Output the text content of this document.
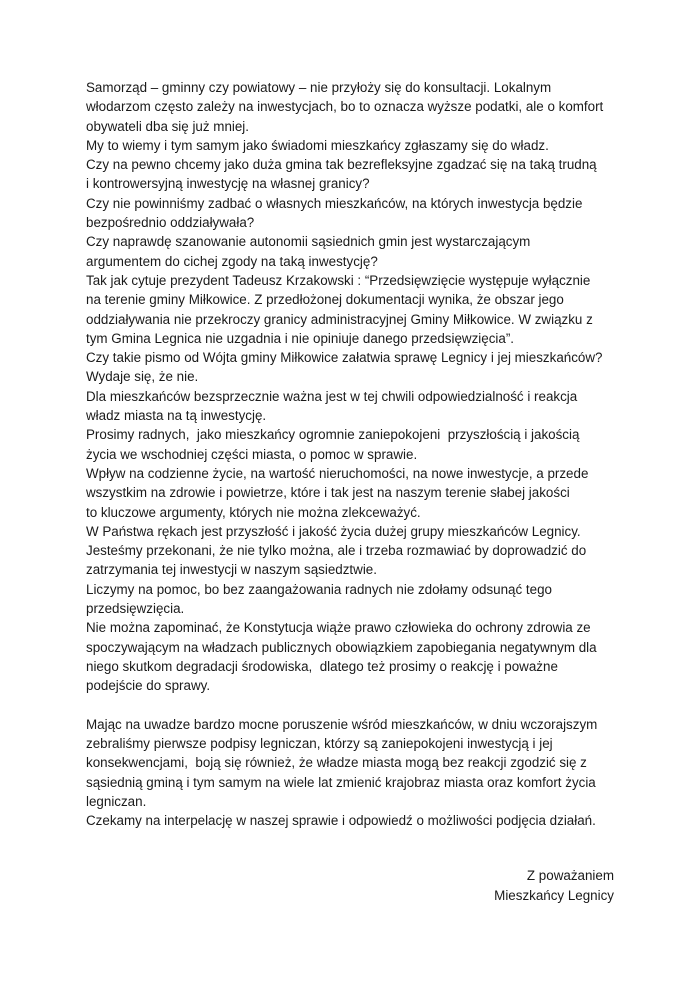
Samorząd – gminny czy powiatowy – nie przyłoży się do konsultacji. Lokalnym
włodarzom często zależy na inwestycjach, bo to oznacza wyższe podatki, ale o komfort
obywateli dba się już mniej.
My to wiemy i tym samym jako świadomi mieszkańcy zgłaszamy się do władz.
Czy na pewno chcemy jako duża gmina tak bezrefleksyjne zgadzać się na taką trudną
i kontrowersyjną inwestycję na własnej granicy?
Czy nie powinniśmy zadbać o własnych mieszkańców, na których inwestycja będzie
bezpośrednio oddziaływała?
Czy naprawdę szanowanie autonomii sąsiednich gmin jest wystarczającym
argumentem do cichej zgody na taką inwestycję?
Tak jak cytuje prezydent Tadeusz Krzakowski : “Przedsięwzięcie występuje wyłącznie
na terenie gminy Miłkowice. Z przedłożonej dokumentacji wynika, że obszar jego
oddziaływania nie przekroczy granicy administracyjnej Gminy Miłkowice. W związku z
tym Gmina Legnica nie uzgadnia i nie opiniuje danego przedsięwzięcia”.
Czy takie pismo od Wójta gminy Miłkowice załatwia sprawę Legnicy i jej mieszkańców?
Wydaje się, że nie.
Dla mieszkańców bezsprzecznie ważna jest w tej chwili odpowiedzialność i reakcja
władz miasta na tą inwestycję.
Prosimy radnych,  jako mieszkańcy ogromnie zaniepokojeni  przyszłością i jakością
życia we wschodniej części miasta, o pomoc w sprawie.
Wpływ na codzienne życie, na wartość nieruchomości, na nowe inwestycje, a przede
wszystkim na zdrowie i powietrze, które i tak jest na naszym terenie słabej jakości
to kluczowe argumenty, których nie można zlekceważyć.
W Państwa rękach jest przyszłość i jakość życia dużej grupy mieszkańców Legnicy.
Jesteśmy przekonani, że nie tylko można, ale i trzeba rozmawiać by doprowadzić do
zatrzymania tej inwestycji w naszym sąsiedztwie.
Liczymy na pomoc, bo bez zaangażowania radnych nie zdołamy odsunąć tego
przedsięwzięcia.
Nie można zapominać, że Konstytucja wiąże prawo człowieka do ochrony zdrowia ze
spoczywającym na władzach publicznych obowiązkiem zapobiegania negatywnym dla
niego skutkom degradacji środowiska,  dlatego też prosimy o reakcję i poważne
podejście do sprawy.
Mając na uwadze bardzo mocne poruszenie wśród mieszkańców, w dniu wczorajszym
zebraliśmy pierwsze podpisy legniczan, którzy są zaniepokojeni inwestycją i jej
konsekwencjami,  boją się również, że władze miasta mogą bez reakcji zgodzić się z
sąsiednią gminą i tym samym na wiele lat zmienić krajobraz miasta oraz komfort życia
legniczan.
Czekamy na interpelację w naszej sprawie i odpowiedź o możliwości podjęcia działań.
Z poważaniem
Mieszkańcy Legnicy
